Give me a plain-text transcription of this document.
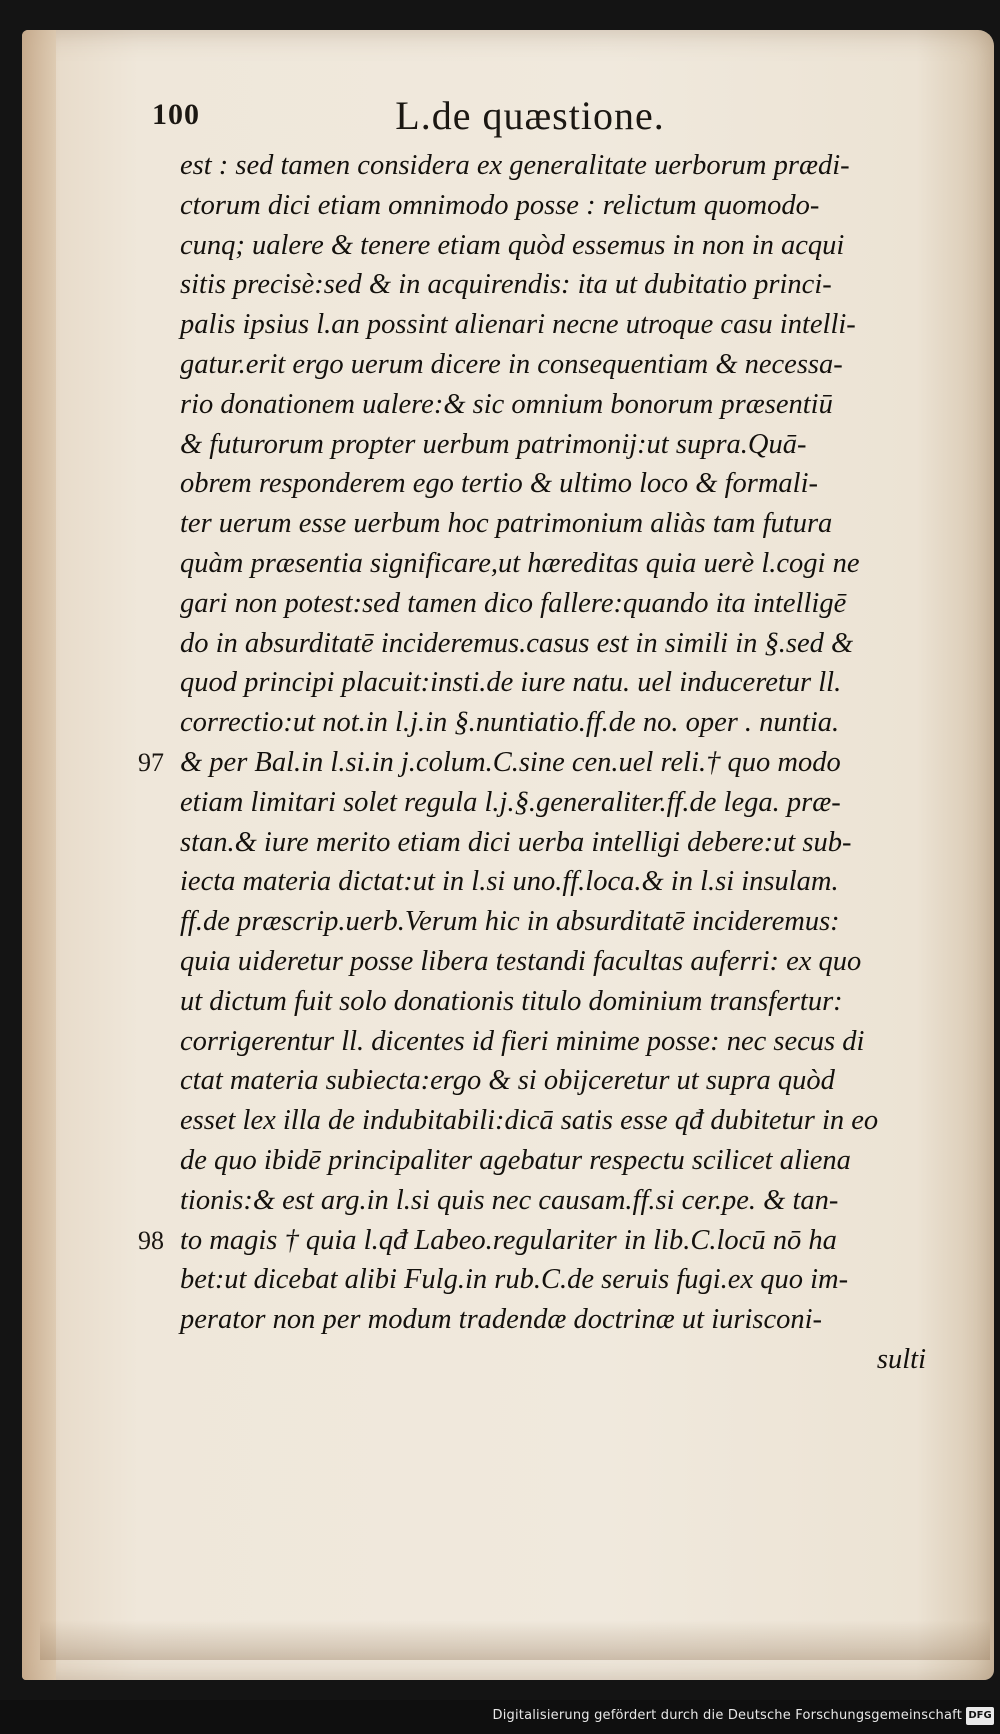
100	L.de quæstione.
est : sed tamen considera ex generalitate uerborum prædi-
ctorum dici etiam omnimodo posse : relictum quomodo-
cunq; ualere & tenere etiam quòd essemus in non in acqui
sitis precisè:sed & in acquirendis: ita ut dubitatio princi-
palis ipsius l.an possint alienari necne utroque casu intelli-
gatur.erit ergo uerum dicere in consequentiam & necessa-
rio donationem ualere:& sic omnium bonorum præsentiū
& futurorum propter uerbum patrimonij:ut supra.Quā-
obrem responderem ego tertio & ultimo loco & formali-
ter uerum esse uerbum hoc patrimonium aliàs tam futura
quàm præsentia significare,ut hæreditas quia uerè l.cogi ne
gari non potest:sed tamen dico fallere:quando ita intelligē
do in absurditatē incideremus.casus est in simili in §.sed &
quod principi placuit:insti.de iure natu. uel induceretur ll.
correctio:ut not.in l.j.in §.nuntiatio.ff.de no. oper . nuntia.
97 & per Bal.in l.si.in j.colum.C.sine cen.uel reli.† quo modo
etiam limitari solet regula l.j.§.generaliter.ff.de lega. præ-
stan.& iure merito etiam dici uerba intelligi debere:ut sub-
iecta materia dictat:ut in l.si uno.ff.loca.& in l.si insulam.
ff.de præscrip.uerb.Verum hic in absurditatē incideremus:
quia uideretur posse libera testandi facultas auferri: ex quo
ut dictum fuit solo donationis titulo dominium transfertur:
corrigerentur ll. dicentes id fieri minime posse: nec secus di
ctat materia subiecta:ergo & si obijceretur ut supra quòd
esset lex illa de indubitabili:dicā satis esse qđ dubitetur in eo
de quo ibidē principaliter agebatur respectu scilicet aliena
tionis:& est arg.in l.si quis nec causam.ff.si cer.pe. & tan-
98 to magis † quia l.qđ Labeo.regulariter in lib.C.locū nō ha
bet:ut dicebat alibi Fulg.in rub.C.de seruis fugi.ex quo im-
perator non per modum tradendæ doctrinæ ut iurisconi-
sulti
Digitalisierung gefördert durch die Deutsche Forschungsgemeinschaft DFG
